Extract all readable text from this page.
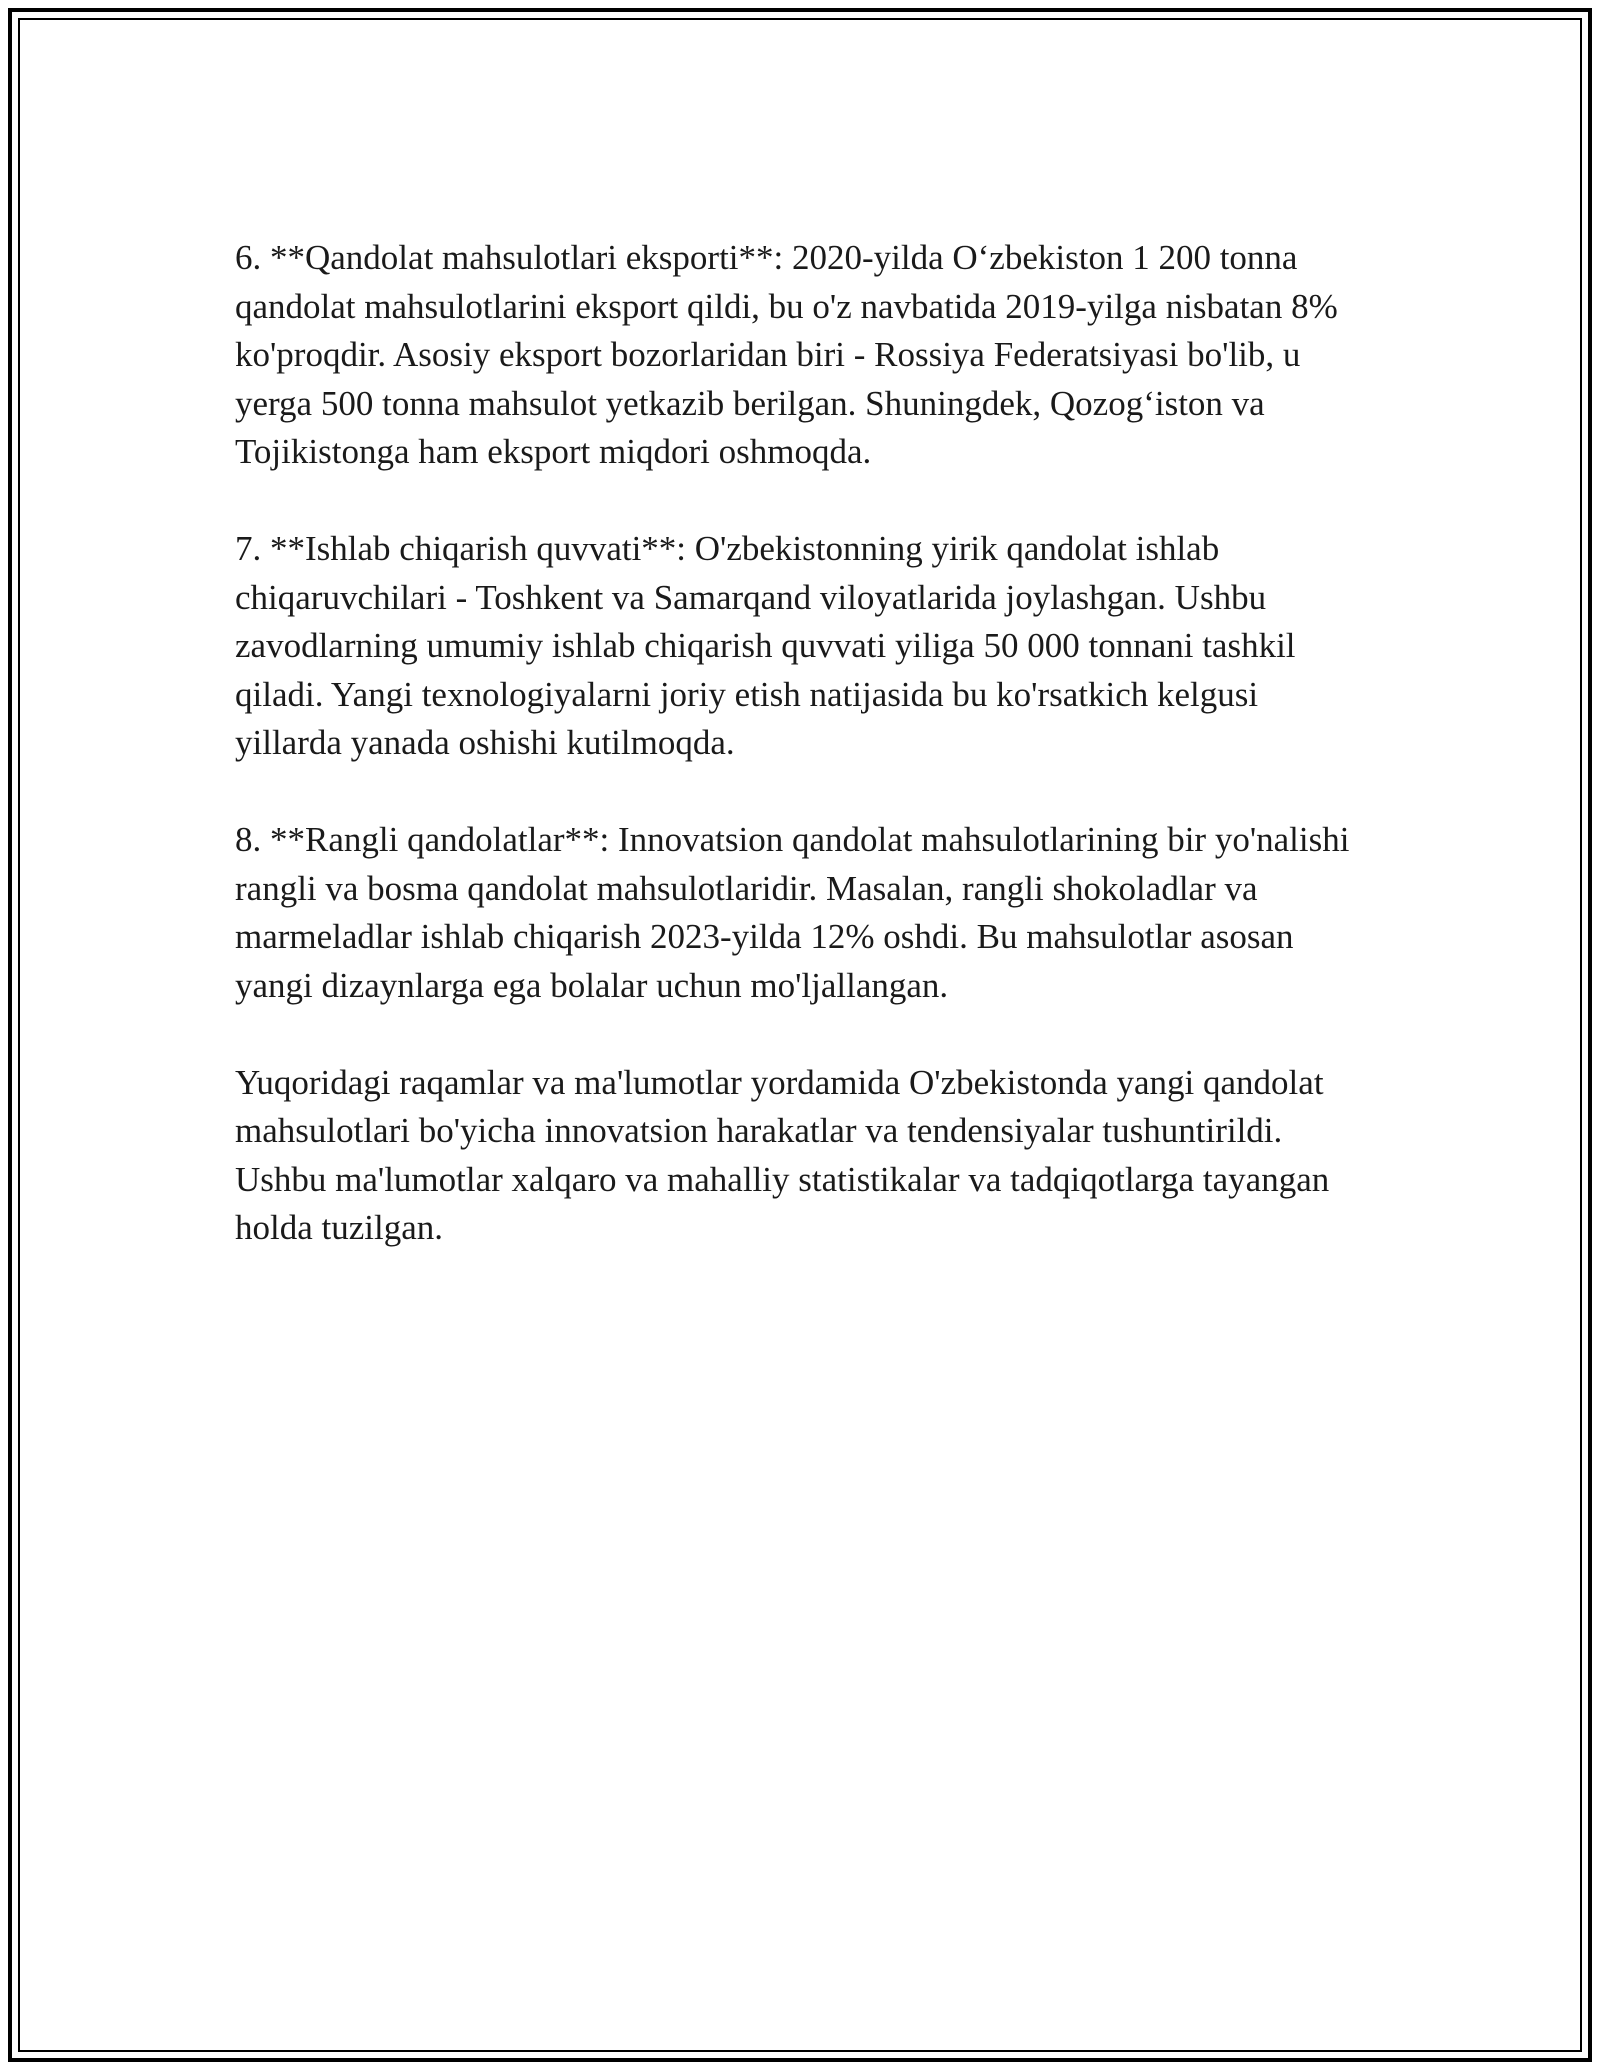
6. **Qandolat mahsulotlari eksporti**: 2020-yilda O‘zbekiston 1 200 tonna qandolat mahsulotlarini eksport qildi, bu o'z navbatida 2019-yilga nisbatan 8% ko'proqdir. Asosiy eksport bozorlaridan biri - Rossiya Federatsiyasi bo'lib, u yerga 500 tonna mahsulot yetkazib berilgan. Shuningdek, Qozog‘iston va Tojikistonga ham eksport miqdori oshmoqda.

7. **Ishlab chiqarish quvvati**: O'zbekistonning yirik qandolat ishlab chiqaruvchilari - Toshkent va Samarqand viloyatlarida joylashgan. Ushbu zavodlarning umumiy ishlab chiqarish quvvati yiliga 50 000 tonnani tashkil qiladi. Yangi texnologiyalarni joriy etish natijasida bu ko'rsatkich kelgusi yillarda yanada oshishi kutilmoqda.

8. **Rangli qandolatlar**: Innovatsion qandolat mahsulotlarining bir yo'nalishi rangli va bosma qandolat mahsulotlaridir. Masalan, rangli shokoladlar va marmeladlar ishlab chiqarish 2023-yilda 12% oshdi. Bu mahsulotlar asosan yangi dizaynlarga ega bolalar uchun mo'ljallangan.

Yuqoridagi raqamlar va ma'lumotlar yordamida O'zbekistonda yangi qandolat mahsulotlari bo'yicha innovatsion harakatlar va tendensiyalar tushuntirildi. Ushbu ma'lumotlar xalqaro va mahalliy statistikalar va tadqiqotlarga tayangan holda tuzilgan.
